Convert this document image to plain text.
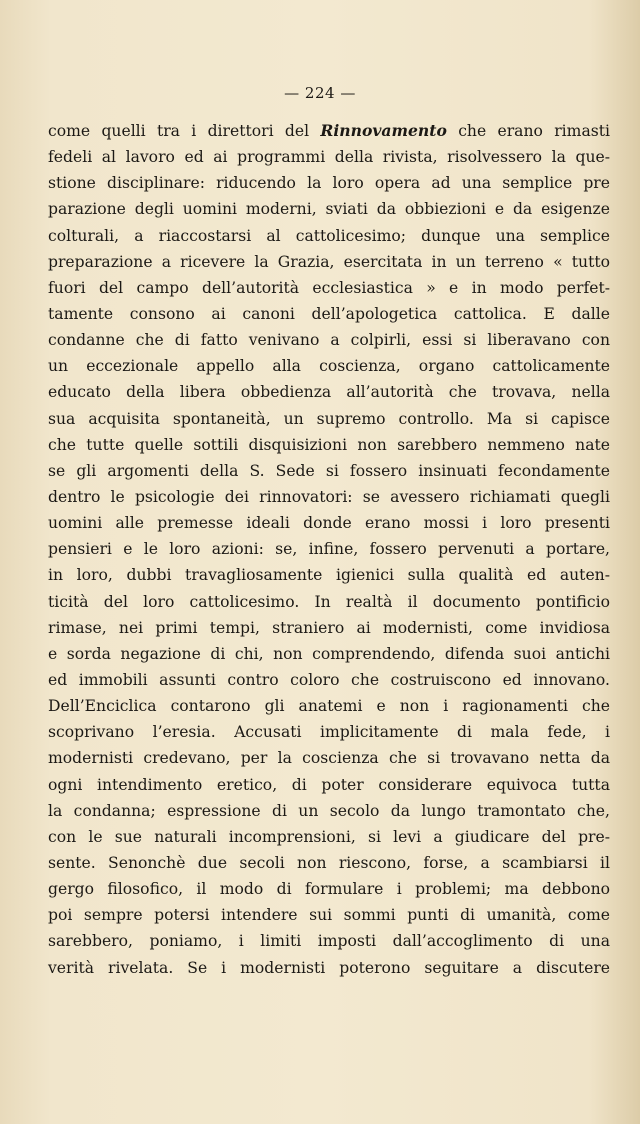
— 224 —
come quelli tra i direttori del Rinnovamento che erano rimasti
fedeli al lavoro ed ai programmi della rivista, risolvessero la que-
stione disciplinare: riducendo la loro opera ad una semplice pre
parazione degli uomini moderni, sviati da obbiezioni e da esigenze
colturali, a riaccostarsi al cattolicesimo; dunque una semplice
preparazione a ricevere la Grazia, esercitata in un terreno « tutto
fuori del campo dell’autorità ecclesiastica » e in modo perfet-
tamente consono ai canoni dell’apologetica cattolica. E dalle
condanne che di fatto venivano a colpirli, essi si liberavano con
un eccezionale appello alla coscienza, organo cattolicamente
educato della libera obbedienza all’autorità che trovava, nella
sua acquisita spontaneità, un supremo controllo. Ma si capisce
che tutte quelle sottili disquisizioni non sarebbero nemmeno nate
se gli argomenti della S. Sede si fossero insinuati fecondamente
dentro le psicologie dei rinnovatori: se avessero richiamati quegli
uomini alle premesse ideali donde erano mossi i loro presenti
pensieri e le loro azioni: se, infine, fossero pervenuti a portare,
in loro, dubbi travagliosamente igienici sulla qualità ed auten-
ticità del loro cattolicesimo. In realtà il documento pontificio
rimase, nei primi tempi, straniero ai modernisti, come invidiosa
e sorda negazione di chi, non comprendendo, difenda suoi antichi
ed immobili assunti contro coloro che costruiscono ed innovano.
Dell’Enciclica contarono gli anatemi e non i ragionamenti che
scoprivano l’eresia. Accusati implicitamente di mala fede, i
modernisti credevano, per la coscienza che si trovavano netta da
ogni intendimento eretico, di poter considerare equivoca tutta
la condanna; espressione di un secolo da lungo tramontato che,
con le sue naturali incomprensioni, si levi a giudicare del pre-
sente. Senonchè due secoli non riescono, forse, a scambiarsi il
gergo filosofico, il modo di formulare i problemi; ma debbono
poi sempre potersi intendere sui sommi punti di umanità, come
sarebbero, poniamo, i limiti imposti dall’accoglimento di una
verità rivelata. Se i modernisti poterono seguitare a discutere
